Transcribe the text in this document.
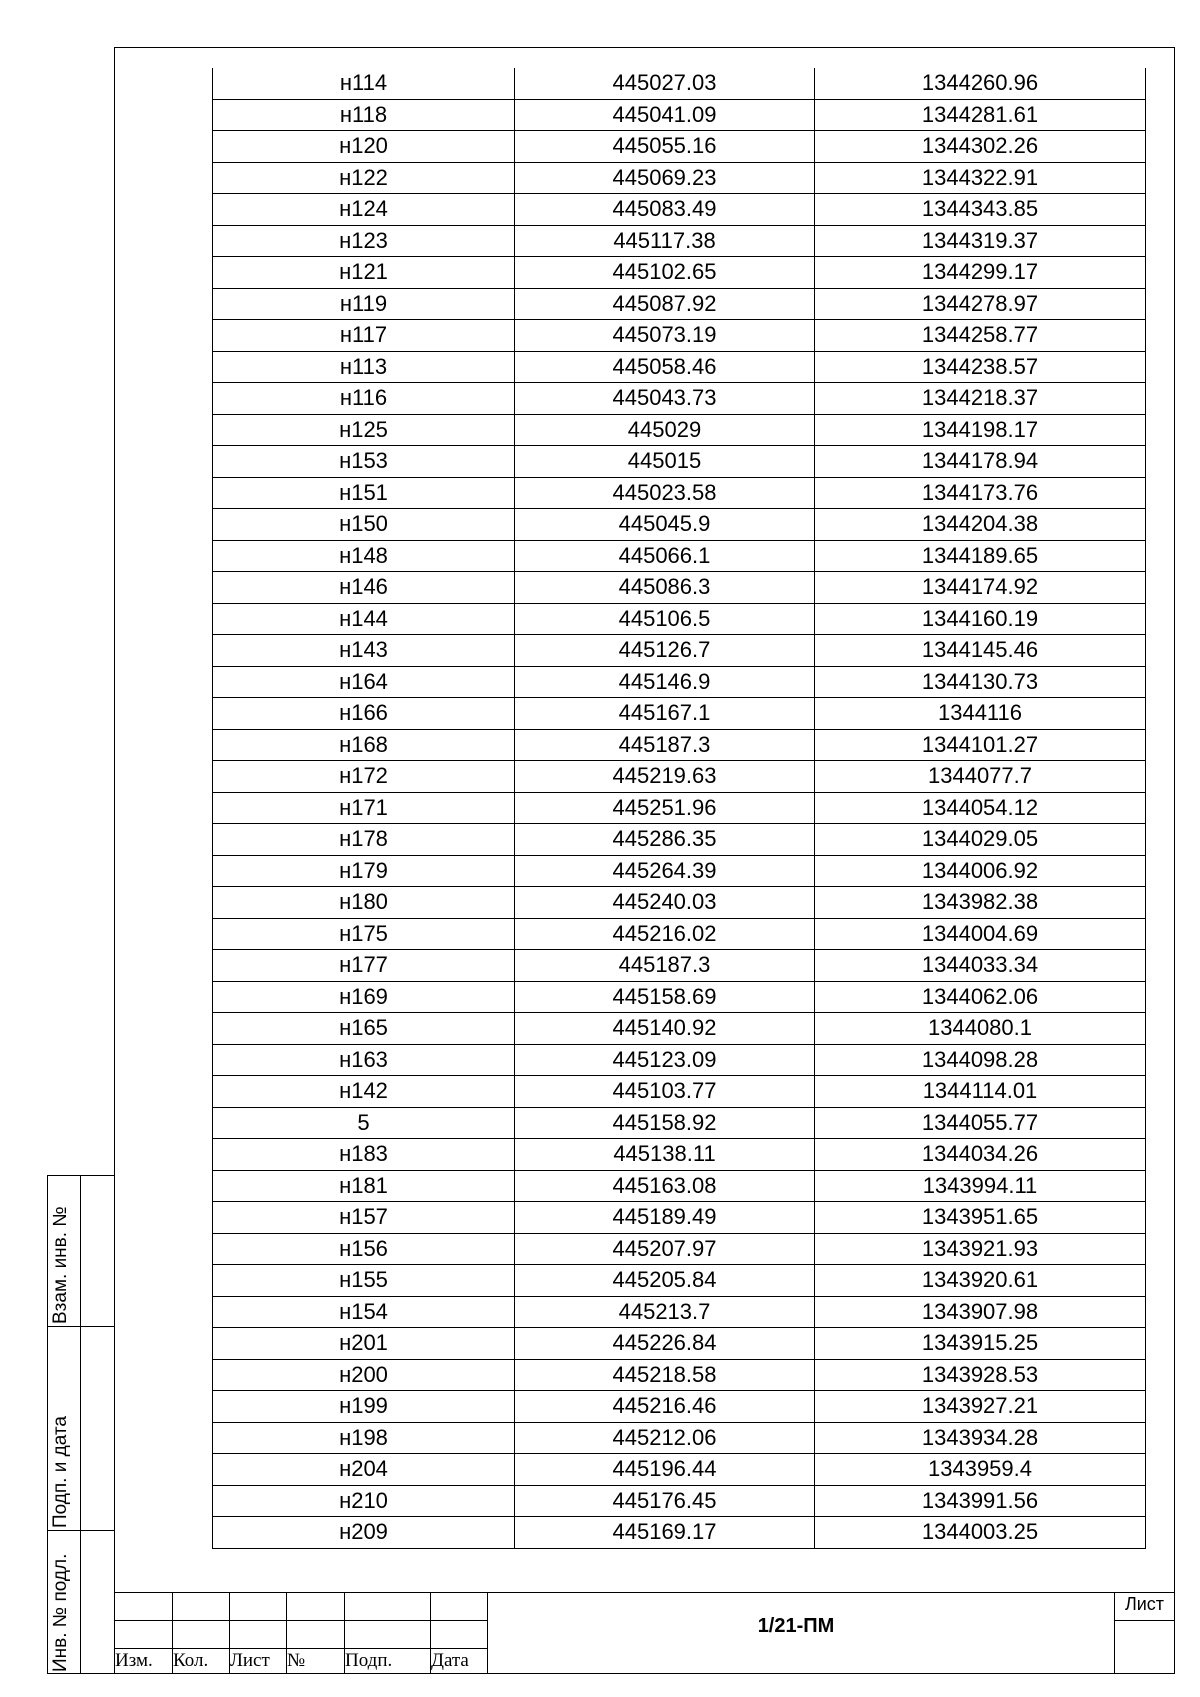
н114	445027.03	1344260.96
н118	445041.09	1344281.61
н120	445055.16	1344302.26
н122	445069.23	1344322.91
н124	445083.49	1344343.85
н123	445117.38	1344319.37
н121	445102.65	1344299.17
н119	445087.92	1344278.97
н117	445073.19	1344258.77
н113	445058.46	1344238.57
н116	445043.73	1344218.37
н125	445029	1344198.17
н153	445015	1344178.94
н151	445023.58	1344173.76
н150	445045.9	1344204.38
н148	445066.1	1344189.65
н146	445086.3	1344174.92
н144	445106.5	1344160.19
н143	445126.7	1344145.46
н164	445146.9	1344130.73
н166	445167.1	1344116
н168	445187.3	1344101.27
н172	445219.63	1344077.7
н171	445251.96	1344054.12
н178	445286.35	1344029.05
н179	445264.39	1344006.92
н180	445240.03	1343982.38
н175	445216.02	1344004.69
н177	445187.3	1344033.34
н169	445158.69	1344062.06
н165	445140.92	1344080.1
н163	445123.09	1344098.28
н142	445103.77	1344114.01
5	445158.92	1344055.77
н183	445138.11	1344034.26
н181	445163.08	1343994.11
н157	445189.49	1343951.65
н156	445207.97	1343921.93
н155	445205.84	1343920.61
н154	445213.7	1343907.98
н201	445226.84	1343915.25
н200	445218.58	1343928.53
н199	445216.46	1343927.21
н198	445212.06	1343934.28
н204	445196.44	1343959.4
н210	445176.45	1343991.56
н209	445169.17	1344003.25
Взам. инв. №
Подп. и дата
Инв. № подл. Изм. Кол. Лист № Подп. Дата
1/21-ПМ
Лист
